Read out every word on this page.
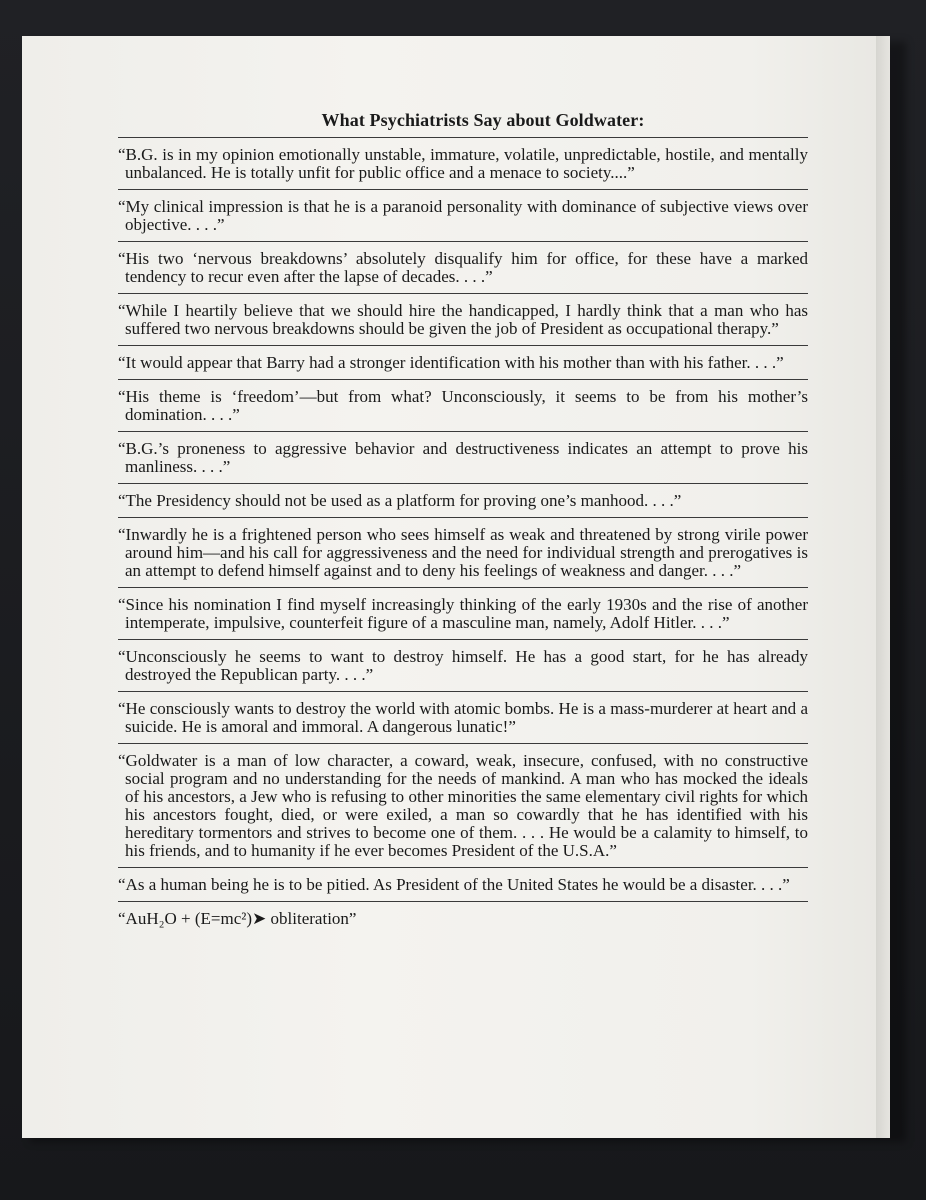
What Psychiatrists Say about Goldwater:
“B.G. is in my opinion emotionally unstable, immature, volatile, unpredictable, hostile, and mentally unbalanced. He is totally unfit for public office and a menace to society....”
“My clinical impression is that he is a paranoid personality with dominance of subjective views over objective. . . .”
“His two ‘nervous breakdowns’ absolutely disqualify him for office, for these have a marked tendency to recur even after the lapse of decades. . . .”
“While I heartily believe that we should hire the handicapped, I hardly think that a man who has suffered two nervous breakdowns should be given the job of President as occupational therapy.”
“It would appear that Barry had a stronger identification with his mother than with his father. . . .”
“His theme is ‘freedom’—but from what? Unconsciously, it seems to be from his mother’s domination. . . .”
“B.G.’s proneness to aggressive behavior and destructiveness indicates an attempt to prove his manliness. . . .”
“The Presidency should not be used as a platform for proving one’s manhood. . . .”
“Inwardly he is a frightened person who sees himself as weak and threatened by strong virile power around him—and his call for aggressiveness and the need for individual strength and prerogatives is an attempt to defend himself against and to deny his feelings of weakness and danger. . . .”
“Since his nomination I find myself increasingly thinking of the early 1930s and the rise of another intemperate, impulsive, counterfeit figure of a masculine man, namely, Adolf Hitler. . . .”
“Unconsciously he seems to want to destroy himself. He has a good start, for he has already destroyed the Republican party. . . .”
“He consciously wants to destroy the world with atomic bombs. He is a mass-murderer at heart and a suicide. He is amoral and immoral. A dangerous lunatic!”
“Goldwater is a man of low character, a coward, weak, insecure, confused, with no constructive social program and no understanding for the needs of mankind. A man who has mocked the ideals of his ancestors, a Jew who is refusing to other minorities the same elementary civil rights for which his ancestors fought, died, or were exiled, a man so cowardly that he has identified with his hereditary tormentors and strives to become one of them. . . . He would be a calamity to himself, to his friends, and to humanity if he ever becomes President of the U.S.A.”
“As a human being he is to be pitied. As President of the United States he would be a disaster. . . .”
“AuH₂O + (E=mc²)➤ obliteration”
